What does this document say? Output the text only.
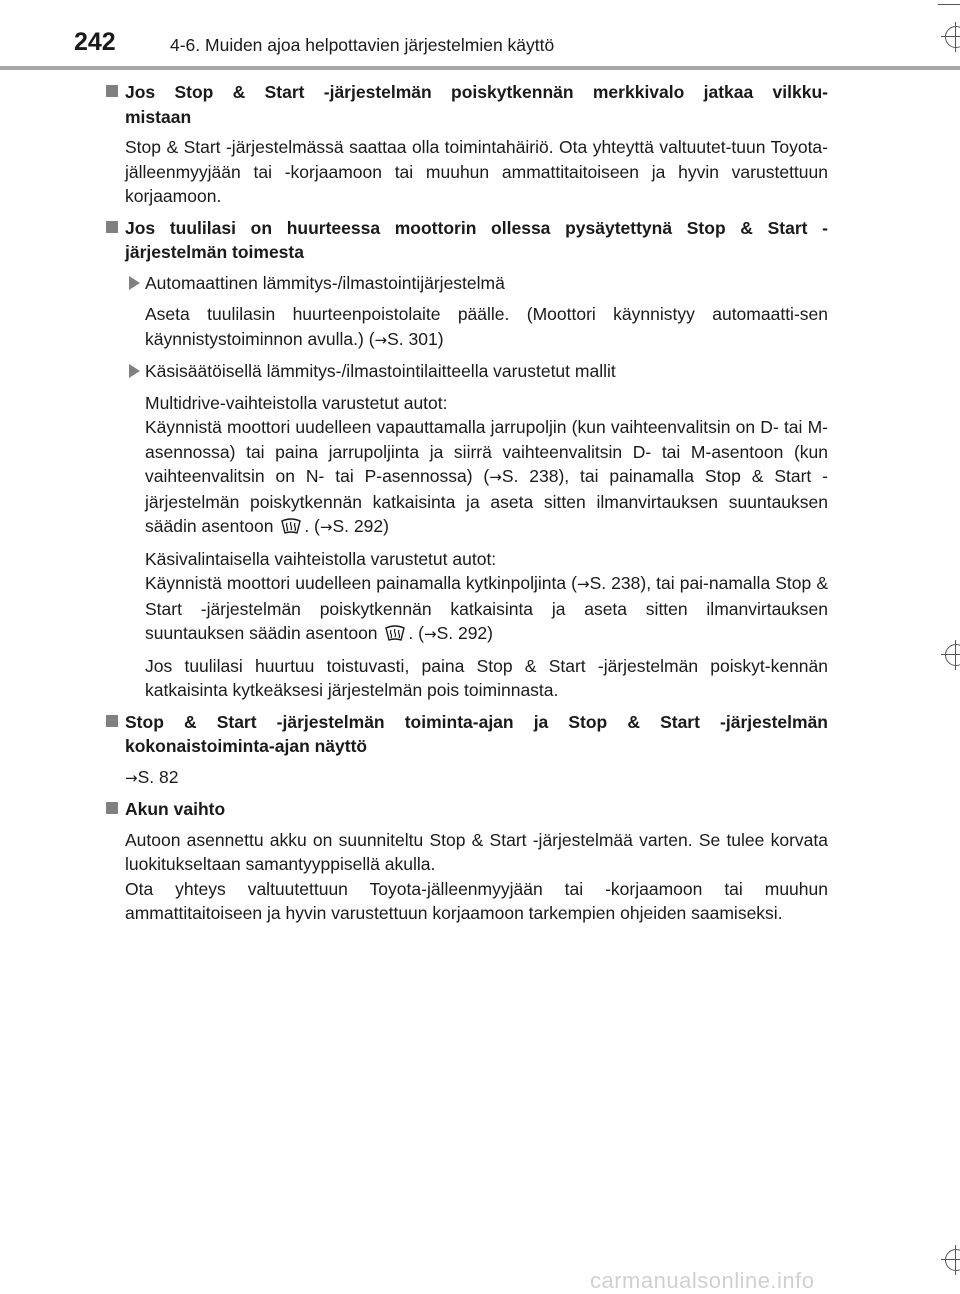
242	4-6. Muiden ajoa helpottavien järjestelmien käyttö
Jos Stop & Start -järjestelmän poiskytkennän merkkivalo jatkaa vilkku-
mistaan
Stop & Start -järjestelmässä saattaa olla toimintahäiriö. Ota yhteyttä valtuutet-tuun Toyota-jälleenmyyjään tai -korjaamoon tai muuhun ammattitaitoiseen ja hyvin varustettuun korjaamoon.
Jos tuulilasi on huurteessa moottorin ollessa pysäytettynä Stop & Start -
järjestelmän toimesta
Automaattinen lämmitys-/ilmastointijärjestelmä
Aseta tuulilasin huurteenpoistolaite päälle. (Moottori käynnistyy automaatti-sen käynnistystoiminnon avulla.) (→S. 301)
Käsisäätöisellä lämmitys-/ilmastointilaitteella varustetut mallit
Multidrive-vaihteistolla varustetut autot:
Käynnistä moottori uudelleen vapauttamalla jarrupoljin (kun vaihteenvalitsin on D- tai M-asennossa) tai paina jarrupoljinta ja siirrä vaihteenvalitsin D- tai M-asentoon (kun vaihteenvalitsin on N- tai P-asennossa) (→S. 238), tai painamalla Stop & Start -järjestelmän poiskytkennän katkaisinta ja aseta sitten ilmanvirtauksen suuntauksen säädin asentoon . (→S. 292)
Käsivalintaisella vaihteistolla varustetut autot:
Käynnistä moottori uudelleen painamalla kytkinpoljinta (→S. 238), tai pai-namalla Stop & Start -järjestelmän poiskytkennän katkaisinta ja aseta sitten ilmanvirtauksen suuntauksen säädin asentoon . (→S. 292)
Jos tuulilasi huurtuu toistuvasti, paina Stop & Start -järjestelmän poiskyt-kennän katkaisinta kytkeäksesi järjestelmän pois toiminnasta.
Stop & Start -järjestelmän toiminta-ajan ja Stop & Start -järjestelmän
kokonaistoiminta-ajan näyttö
→S. 82
Akun vaihto
Autoon asennettu akku on suunniteltu Stop & Start -järjestelmää varten. Se tulee korvata luokitukseltaan samantyyppisellä akulla.
Ota yhteys valtuutettuun Toyota-jälleenmyyjään tai -korjaamoon tai muuhun ammattitaitoiseen ja hyvin varustettuun korjaamoon tarkempien ohjeiden saamiseksi.
carmanualsonline.info
